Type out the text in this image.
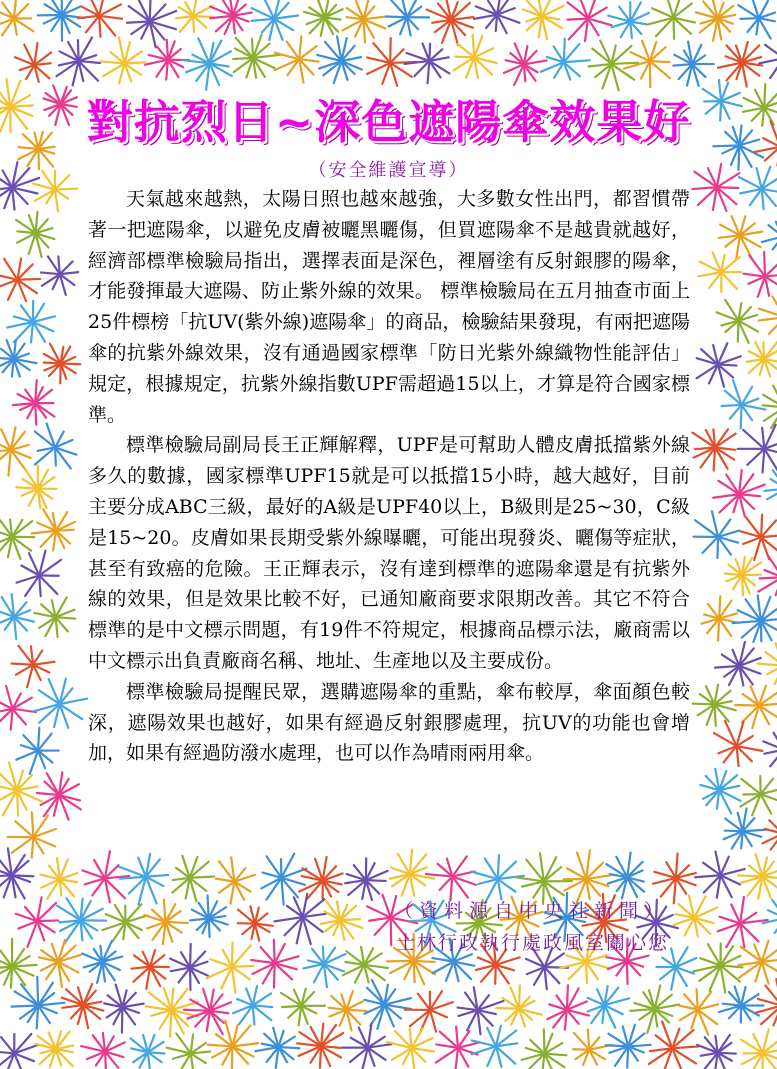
對抗烈日~深色遮陽傘效果好
（安全維護宣導）

天氣越來越熱，太陽日照也越來越強，大多數女性出門，都習慣帶著一把遮陽傘，以避免皮膚被曬黑曬傷，但買遮陽傘不是越貴就越好，經濟部標準檢驗局指出，選擇表面是深色，裡層塗有反射銀膠的陽傘，才能發揮最大遮陽、防止紫外線的效果。 標準檢驗局在五月抽查市面上25件標榜「抗UV(紫外線)遮陽傘」的商品，檢驗結果發現，有兩把遮陽傘的抗紫外線效果，沒有通過國家標準「防日光紫外線織物性能評估」規定，根據規定，抗紫外線指數UPF需超過15以上，才算是符合國家標準。

標準檢驗局副局長王正輝解釋，UPF是可幫助人體皮膚抵擋紫外線多久的數據，國家標準UPF15就是可以抵擋15小時，越大越好，目前主要分成ABC三級，最好的A級是UPF40以上，B級則是25~30，C級是15~20。皮膚如果長期受紫外線曝曬，可能出現發炎、曬傷等症狀，甚至有致癌的危險。王正輝表示，沒有達到標準的遮陽傘還是有抗紫外線的效果，但是效果比較不好，已通知廠商要求限期改善。其它不符合標準的是中文標示問題，有19件不符規定，根據商品標示法，廠商需以中文標示出負責廠商名稱、地址、生產地以及主要成份。

標準檢驗局提醒民眾，選購遮陽傘的重點，傘布較厚，傘面顏色較深，遮陽效果也越好，如果有經過反射銀膠處理，抗UV的功能也會增加，如果有經過防潑水處理，也可以作為晴雨兩用傘。

（資料源自中央社新聞）
士林行政執行處政風室關心您
